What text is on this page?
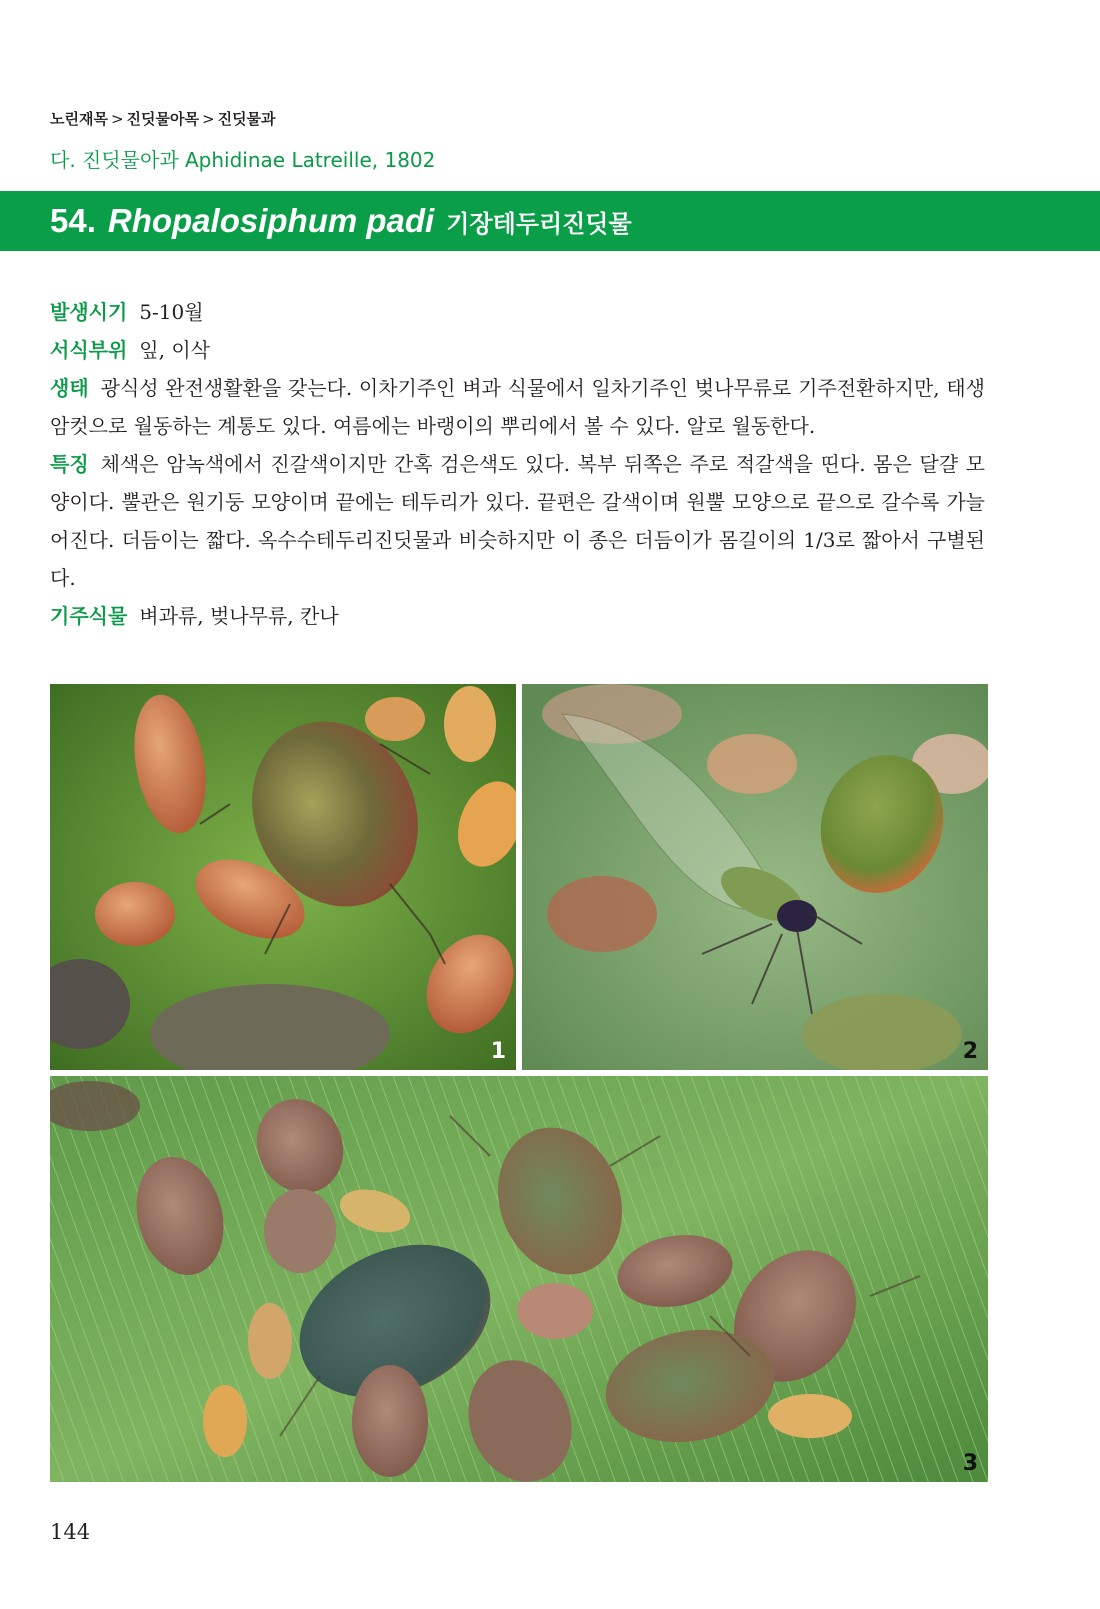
노린재목 > 진딧물아목 > 진딧물과
다. 진딧물아과 Aphidinae Latreille, 1802
54. Rhopalosiphum padi 기장테두리진딧물

발생시기 5-10월

서식부위 잎, 이삭

생태 광식성 완전생활환을 갖는다. 이차기주인 벼과 식물에서 일차기주인 벚나무류로 기주전환하지만, 태생암컷으로 월동하는 계통도 있다. 여름에는 바랭이의 뿌리에서 볼 수 있다. 알로 월동한다.

특징 체색은 암녹색에서 진갈색이지만 간혹 검은색도 있다. 복부 뒤쪽은 주로 적갈색을 띤다. 몸은 달걀 모양이다. 뿔관은 원기둥 모양이며 끝에는 테두리가 있다. 끝편은 갈색이며 원뿔 모양으로 끝으로 갈수록 가늘어진다. 더듬이는 짧다. 옥수수테두리진딧물과 비슷하지만 이 종은 더듬이가 몸길이의 1/3로 짧아서 구별된다.

기주식물 벼과류, 벚나무류, 칸나

1	2
3
144
